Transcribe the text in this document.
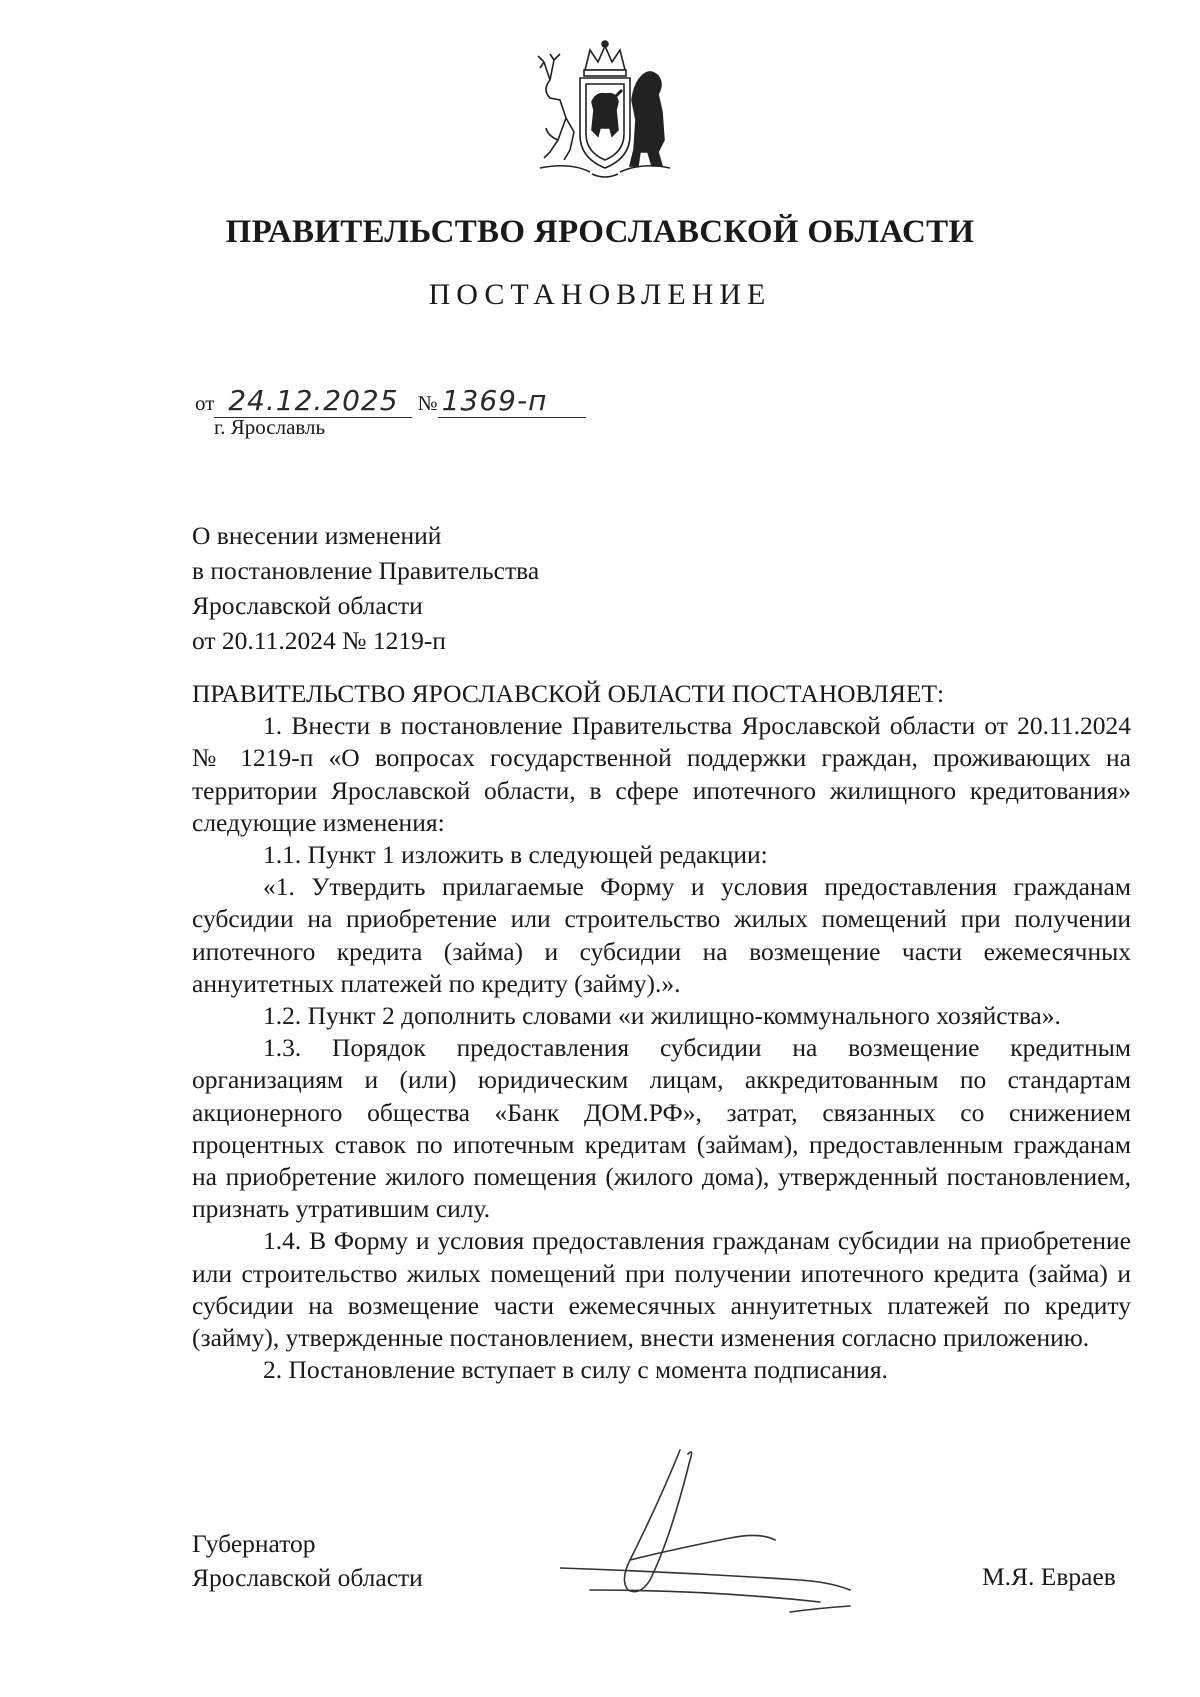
ПРАВИТЕЛЬСТВО ЯРОСЛАВСКОЙ ОБЛАСТИ
ПОСТАНОВЛЕНИЕ
от 24.12.2025 № 1369-п
г. Ярославль
О внесении изменений
в постановление Правительства
Ярославской области
от 20.11.2024 № 1219-п

ПРАВИТЕЛЬСТВО ЯРОСЛАВСКОЙ ОБЛАСТИ ПОСТАНОВЛЯЕТ:

1. Внести в постановление Правительства Ярославской области от 20.11.2024 № 1219-п «О вопросах государственной поддержки граждан, проживающих на территории Ярославской области, в сфере ипотечного жилищного кредитования» следующие изменения:

1.1. Пункт 1 изложить в следующей редакции:

«1. Утвердить прилагаемые Форму и условия предоставления гражданам субсидии на приобретение или строительство жилых помещений при получении ипотечного кредита (займа) и субсидии на возмещение части ежемесячных аннуитетных платежей по кредиту (займу).».

1.2. Пункт 2 дополнить словами «и жилищно-коммунального хозяйства».

1.3. Порядок предоставления субсидии на возмещение кредитным организациям и (или) юридическим лицам, аккредитованным по стандартам акционерного общества «Банк ДОМ.РФ», затрат, связанных со снижением процентных ставок по ипотечным кредитам (займам), предоставленным гражданам на приобретение жилого помещения (жилого дома), утвержденный постановлением, признать утратившим силу.

1.4. В Форму и условия предоставления гражданам субсидии на приобретение или строительство жилых помещений при получении ипотечного кредита (займа) и субсидии на возмещение части ежемесячных аннуитетных платежей по кредиту (займу), утвержденные постановлением, внести изменения согласно приложению.

2. Постановление вступает в силу с момента подписания.

Губернатор
Ярославской области	М.Я. Евраев
